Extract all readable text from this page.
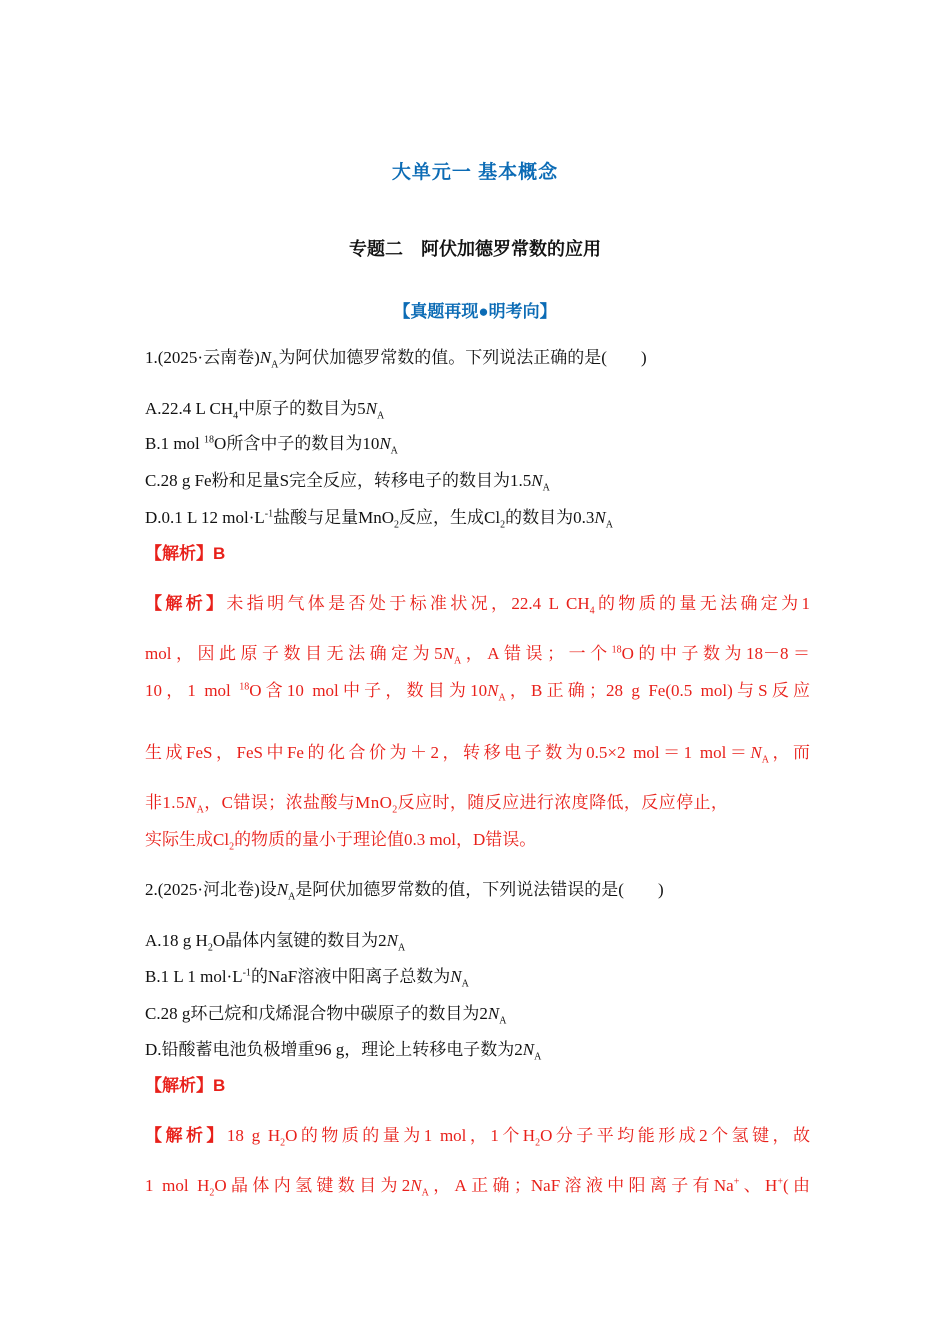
大单元一 基本概念
专题二　阿伏加德罗常数的应用
【真题再现●明考向】
1.(2025·云南卷)$N_A$为阿伏加德罗常数的值。下列说法正确的是(　　)
A.22.4 L $CH_4$中原子的数目为$5N_A$
B.1 mol $^{18}$O所含中子的数目为$10N_A$
C.28 g Fe粉和足量S完全反应，转移电子的数目为$1.5N_A$
D.0.1 L 12 $mol\cdot L^{-1}$盐酸与足量MnO$_2$反应，生成$Cl_2$的数目为$0.3N_A$
【解析】B
【解析】未指明气体是否处于标准状况，22.4 L $CH_4$的物质的量无法确定为1
mol，因此原子数目无法确定为$5N_A$，A错误；一个$^{18}$O的中子数为18－8＝
10，1 mol $^{18}$O含10 mol中子，数目为$10N_A$，B正确；28 g Fe(0.5 mol)与S反应
生成FeS，FeS中Fe的化合价为＋2，转移电子数为0.5×2 mol＝1 $mol=N_A$，而
非$1.5N_A$，C错误；浓盐酸与MnO$_2$反应时，随反应进行浓度降低，反应停止，
实际生成$Cl_2$的物质的量小于理论值0.3 mol，D错误。
2.(2025·河北卷)设$N_A$是阿伏加德罗常数的值，下列说法错误的是(　　)
A.18 g $H_2O$晶体内氢键的数目为$2N_A$
B.1 L 1 $mol\cdot L^{-1}$的NaF溶液中阳离子总数为$N_A$
C.28 g环己烷和戊烯混合物中碳原子的数目为$2N_A$
D.铅酸蓄电池负极增重96 g，理论上转移电子数为$2N_A$
【解析】B
【解析】18 g $H_2O$的物质的量为1 mol，1个$H_2O$分子平均能形成2个氢键，故
1 mol $H_2O$晶体内氢键数目为$2N_A$，A正确；NaF溶液中阳离子有Na+、H+(由
